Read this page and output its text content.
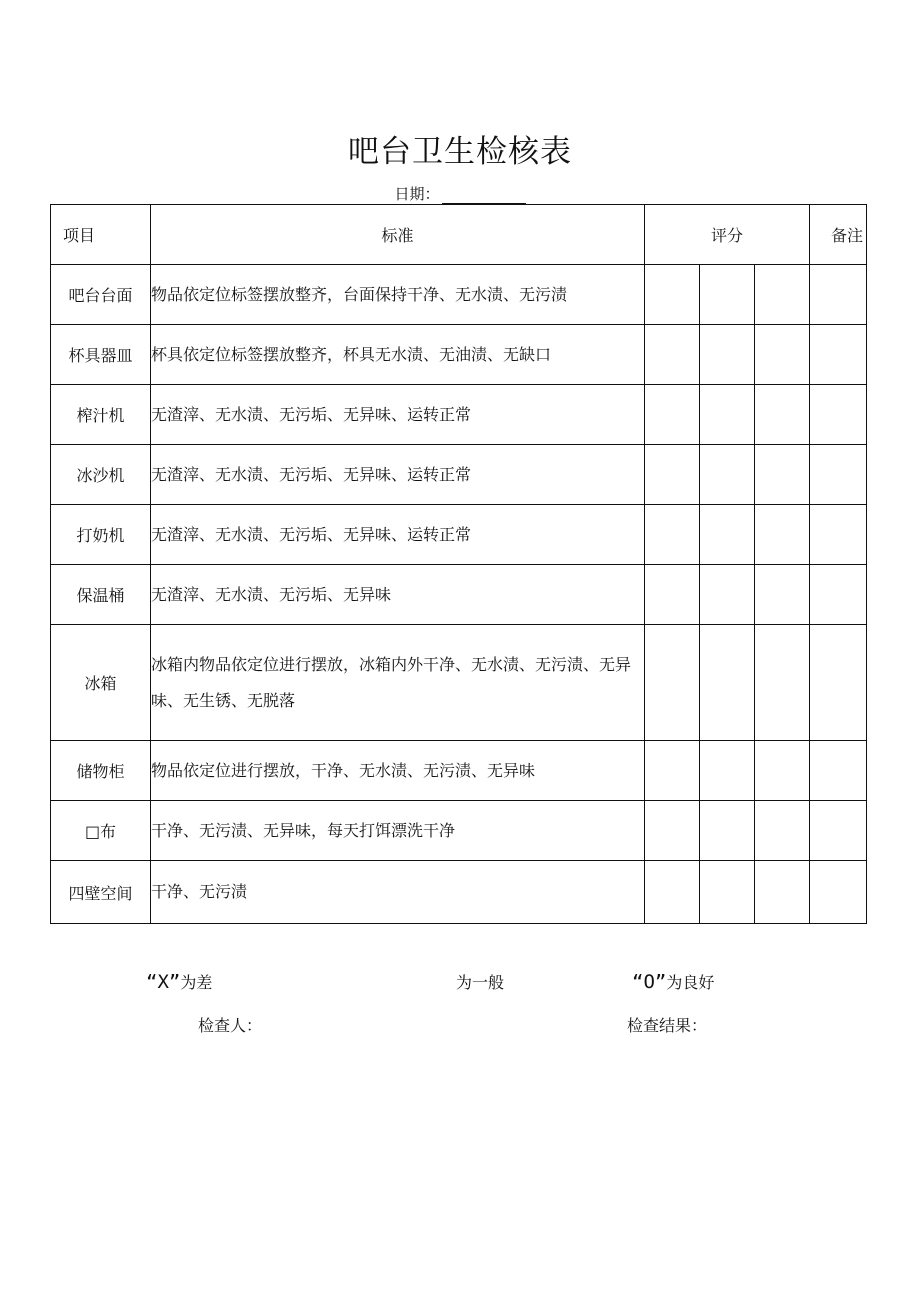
吧台卫生检核表
日期：
项目	标准	评分			备注
吧台台面	物品依定位标签摆放整齐，台面保持干净、无水渍、无污渍				
杯具器皿	杯具依定位标签摆放整齐，杯具无水渍、无油渍、无缺口				
榨汁机	无渣滓、无水渍、无污垢、无异味、运转正常				
冰沙机	无渣滓、无水渍、无污垢、无异味、运转正常				
打奶机	无渣滓、无水渍、无污垢、无异味、运转正常				
保温桶	无渣滓、无水渍、无污垢、无异味				
冰箱	冰箱内物品依定位进行摆放，冰箱内外干净、无水渍、无污渍、无异味、无生锈、无脱落				
储物柜	物品依定位进行摆放，干净、无水渍、无污渍、无异味				
□布	干净、无污渍、无异味，每天打饵漂洗干净				
四壁空间	干净、无污渍				
“X”为差	为一般	“O”为良好
检查人：	检查结果：
